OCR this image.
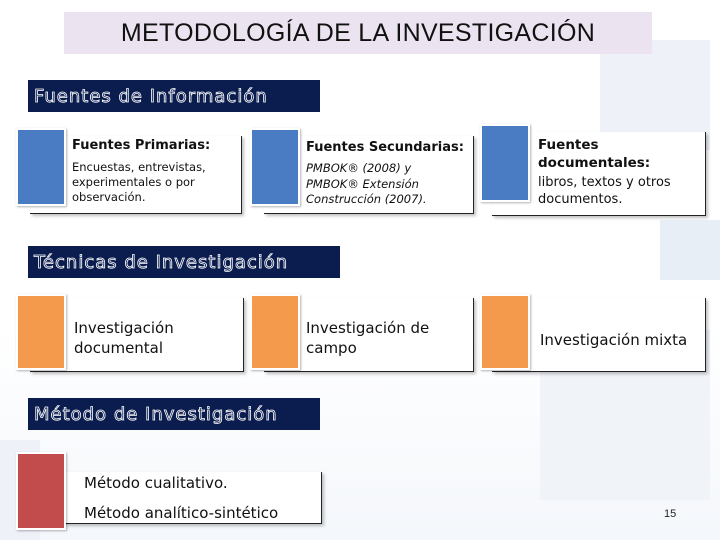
METODOLOGÍA DE LA INVESTIGACIÓN
Fuentes de Información
Fuentes Primarias:
Encuestas, entrevistas, experimentales o por observación.
Fuentes Secundarias:
PMBOK® (2008) y PMBOK® Extensión Construcción (2007).
Fuentes documentales:
libros, textos y otros documentos.
Técnicas de Investigación
Investigación documental
Investigación de campo	Investigación mixta
Método de Investigación
Método cualitativo.
Método analítico-sintético	15
